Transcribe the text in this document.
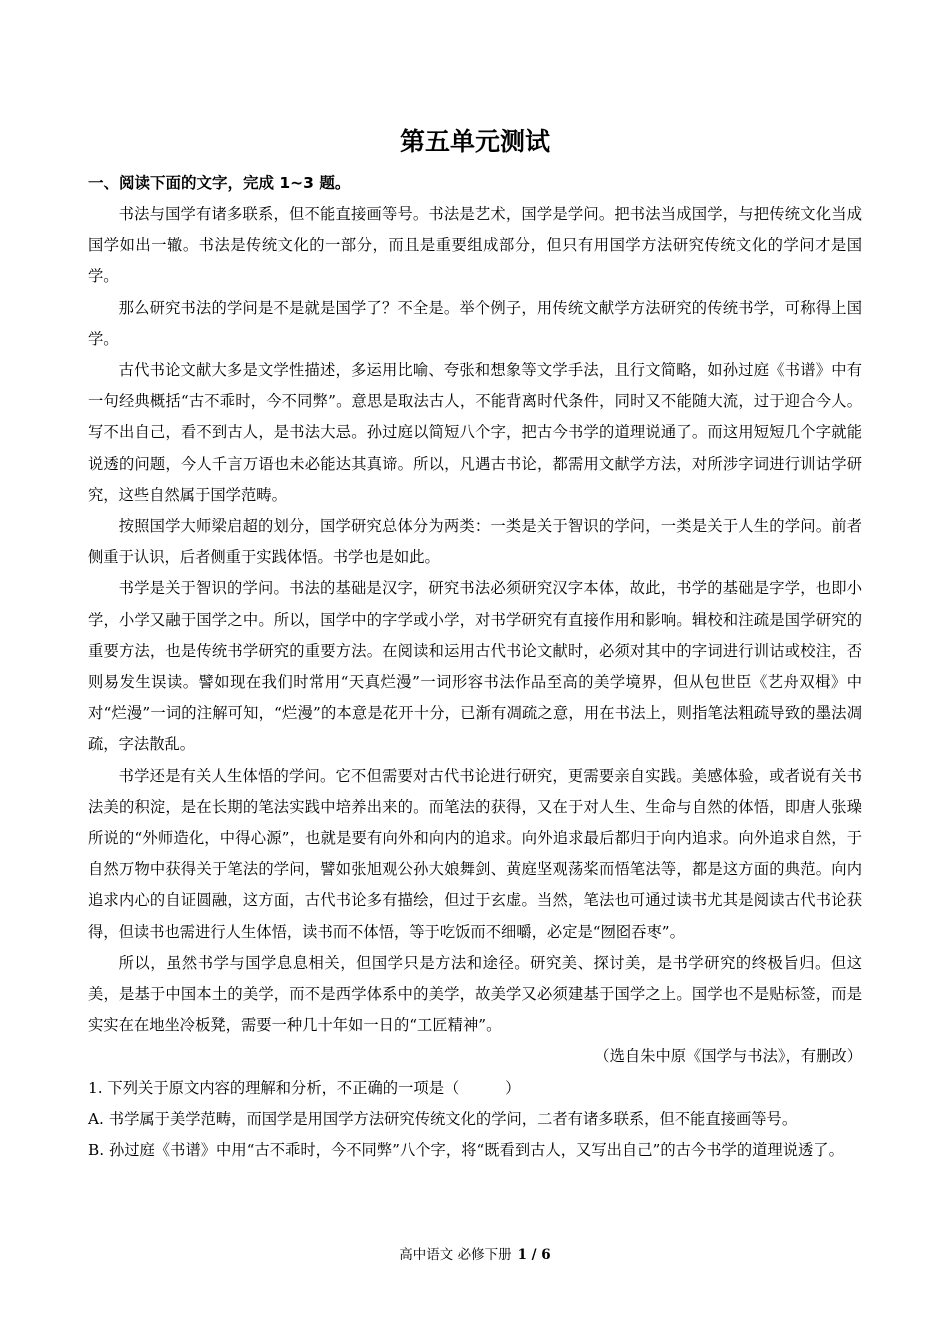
第五单元测试
一、阅读下面的文字，完成 1~3 题。

书法与国学有诸多联系，但不能直接画等号。书法是艺术，国学是学问。把书法当成国学，与把传统文化当成国学如出一辙。书法是传统文化的一部分，而且是重要组成部分，但只有用国学方法研究传统文化的学问才是国学。

那么研究书法的学问是不是就是国学了？不全是。举个例子，用传统文献学方法研究的传统书学，可称得上国学。

古代书论文献大多是文学性描述，多运用比喻、夸张和想象等文学手法，且行文简略，如孙过庭《书谱》中有一句经典概括“古不乖时，今不同弊”。意思是取法古人，不能背离时代条件，同时又不能随大流，过于迎合今人。写不出自己，看不到古人，是书法大忌。孙过庭以简短八个字，把古今书学的道理说通了。而这用短短几个字就能说透的问题，今人千言万语也未必能达其真谛。所以，凡遇古书论，都需用文献学方法，对所涉字词进行训诂学研究，这些自然属于国学范畴。

按照国学大师梁启超的划分，国学研究总体分为两类：一类是关于智识的学问，一类是关于人生的学问。前者侧重于认识，后者侧重于实践体悟。书学也是如此。

书学是关于智识的学问。书法的基础是汉字，研究书法必须研究汉字本体，故此，书学的基础是字学，也即小学，小学又融于国学之中。所以，国学中的字学或小学，对书学研究有直接作用和影响。辑校和注疏是国学研究的重要方法，也是传统书学研究的重要方法。在阅读和运用古代书论文献时，必须对其中的字词进行训诂或校注，否则易发生误读。譬如现在我们时常用“天真烂漫”一词形容书法作品至高的美学境界，但从包世臣《艺舟双楫》中对“烂漫”一词的注解可知，“烂漫”的本意是花开十分，已渐有凋疏之意，用在书法上，则指笔法粗疏导致的墨法凋疏，字法散乱。

书学还是有关人生体悟的学问。它不但需要对古代书论进行研究，更需要亲自实践。美感体验，或者说有关书法美的积淀，是在长期的笔法实践中培养出来的。而笔法的获得，又在于对人生、生命与自然的体悟，即唐人张璪所说的“外师造化，中得心源”，也就是要有向外和向内的追求。向外追求最后都归于向内追求。向外追求自然，于自然万物中获得关于笔法的学问，譬如张旭观公孙大娘舞剑、黄庭坚观荡桨而悟笔法等，都是这方面的典范。向内追求内心的自证圆融，这方面，古代书论多有描绘，但过于玄虚。当然，笔法也可通过读书尤其是阅读古代书论获得，但读书也需进行人生体悟，读书而不体悟，等于吃饭而不细嚼，必定是“囫囵吞枣”。

所以，虽然书学与国学息息相关，但国学只是方法和途径。研究美、探讨美，是书学研究的终极旨归。但这美，是基于中国本土的美学，而不是西学体系中的美学，故美学又必须建基于国学之上。国学也不是贴标签，而是实实在在地坐冷板凳，需要一种几十年如一日的“工匠精神”。

（选自朱中原《国学与书法》，有删改）

1. 下列关于原文内容的理解和分析，不正确的一项是（　　　）

A. 书学属于美学范畴，而国学是用国学方法研究传统文化的学问，二者有诸多联系，但不能直接画等号。

B. 孙过庭《书谱》中用“古不乖时，今不同弊”八个字，将“既看到古人，又写出自己”的古今书学的道理说透了。

高中语文 必修下册 1 / 6
